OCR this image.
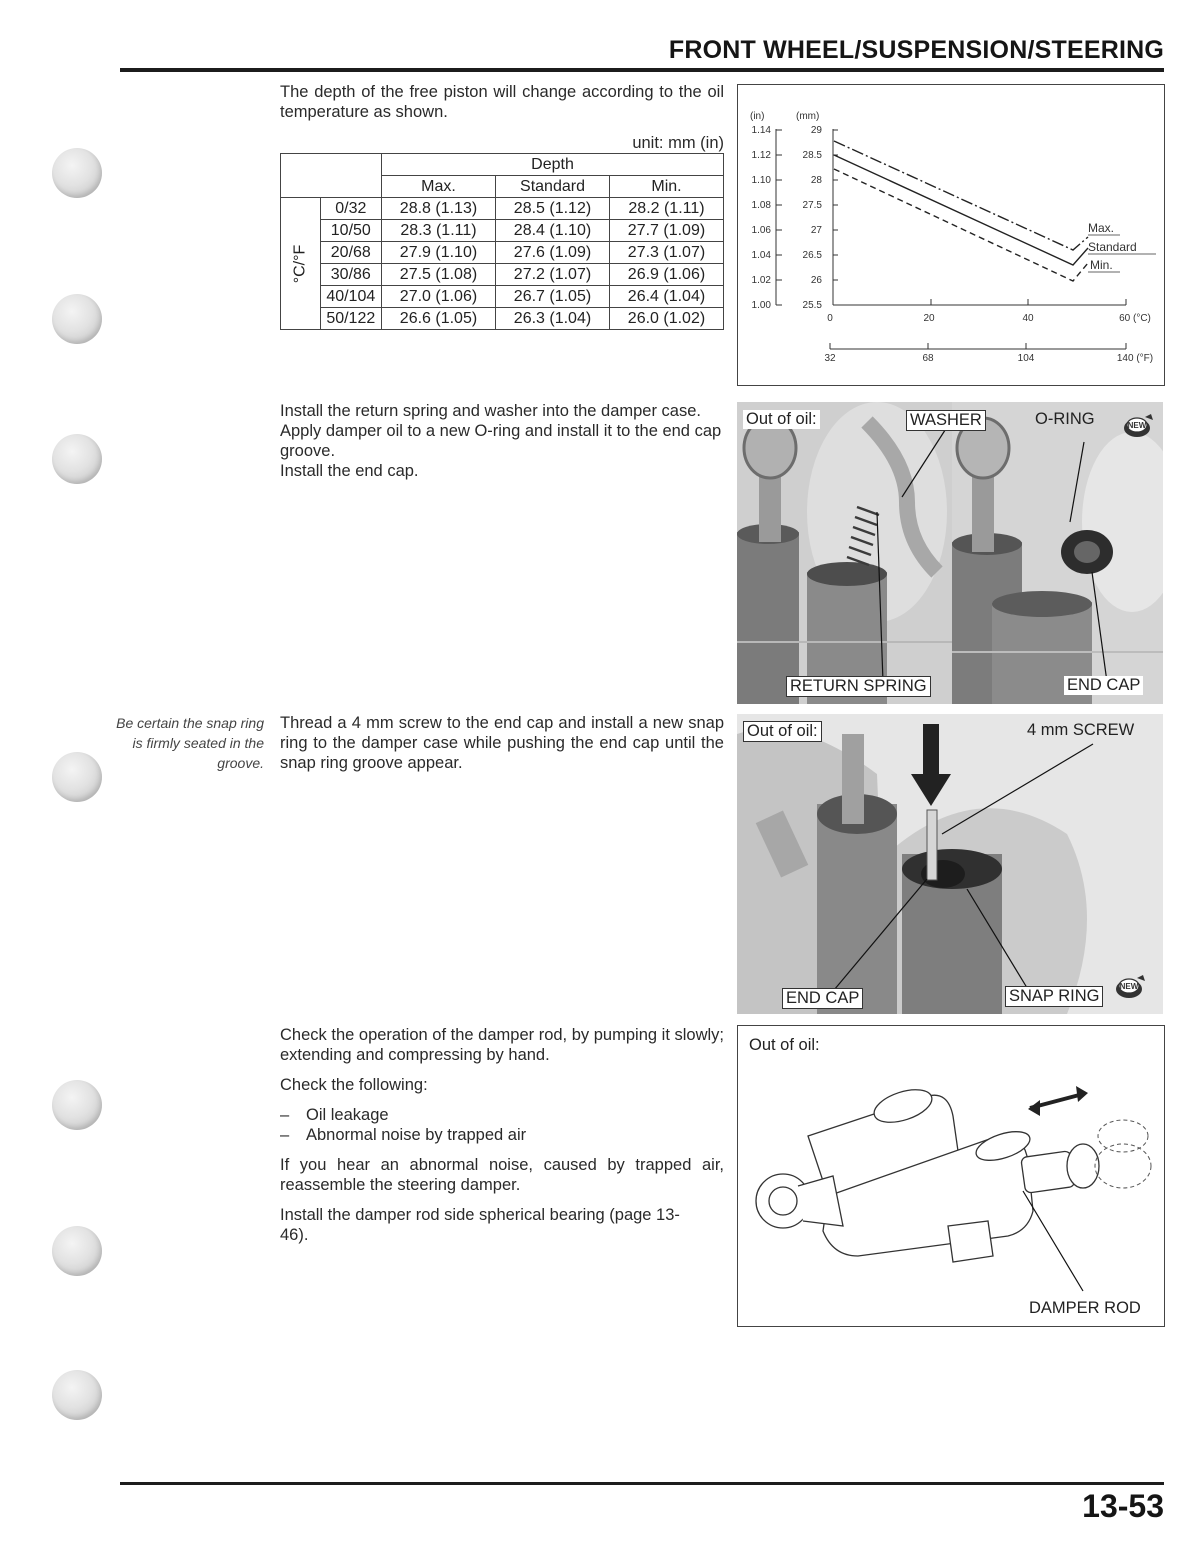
FRONT WHEEL/SUSPENSION/STEERING
The depth of the free piston will change according to the oil temperature as shown.
unit: mm (in)
		Depth		
		Max.	Standard	Min.
°C/°F	0/32	28.8 (1.13)	28.5 (1.12)	28.2 (1.11)
	10/50	28.3 (1.11)	28.4 (1.10)	27.7 (1.09)
	20/68	27.9 (1.10)	27.6 (1.09)	27.3 (1.07)
	30/86	27.5 (1.08)	27.2 (1.07)	26.9 (1.06)
	40/104	27.0 (1.06)	26.7 (1.05)	26.4 (1.04)
	50/122	26.6 (1.05)	26.3 (1.04)	26.0 (1.02)
(in)	(mm)
1.14
1.12
1.10
1.08
1.06
1.04
1.02
1.00
29
28.5
28
27.5
27
26.5
26
25.5
0	20	40	60 (°C)
32	68	104	140 (°F)
Max.
Standard
Min.

Install the return spring and washer into the damper case.

Apply damper oil to a new O-ring and install it to the end cap groove.

Install the end cap.

Out of oil:	WASHER	O-RING	NEW
RETURN SPRING	END CAP
Be certain the snap ring is firmly seated in the groove.
Thread a 4 mm screw to the end cap and install a new snap ring to the damper case while pushing the end cap until the snap ring groove appear.
Out of oil:	4 mm SCREW
END CAP	SNAP RING
NEW

Check the operation of the damper rod, by pumping it slowly; extending and compressing by hand.

Check the following:

– Oil leakage
– Abnormal noise by trapped air

If you hear an abnormal noise, caused by trapped air, reassemble the steering damper.

Install the damper rod side spherical bearing (page 13-46).

Out of oil:
DAMPER ROD
13-53
